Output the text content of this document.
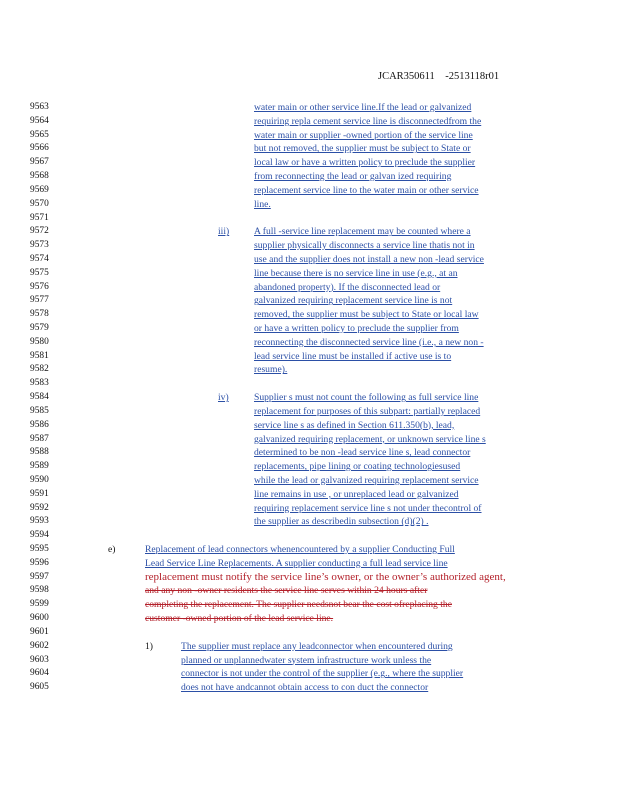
JCAR350611 -2513118r01
9563	water main or other service line.If the lead or galvanized
9564	requiring repla cement service line is disconnectedfrom the
9565	water main or supplier -owned portion of the service line
9566	but not removed, the supplier must be subject to State or
9567	local law or have a written policy to preclude the supplier
9568	from reconnecting the lead or galvan ized requiring
9569	replacement service line to the water main or other service
9570	line.
9571
9572	iii)	A full -service line replacement may be counted where a
9573	supplier physically disconnects a service line thatis not in
9574	use and the supplier does not install a new non -lead service
9575	line because there is no service line in use (e.g., at an
9576	abandoned property). If the disconnected lead or
9577	galvanized requiring replacement service line is not
9578	removed, the supplier must be subject to State or local law
9579	or have a written policy to preclude the supplier from
9580	reconnecting the disconnected service line (i.e., a new non -
9581	lead service line must be installed if active use is to
9582	resume).
9583
9584	iv)	Supplier s must not count the following as full service line
9585	replacement for purposes of this subpart: partially replaced
9586	service line s as defined in Section 611.350(b), lead,
9587	galvanized requiring replacement, or unknown service line s
9588	determined to be non -lead service line s, lead connector
9589	replacements, pipe lining or coating technologiesused
9590	while the lead or galvanized requiring replacement service
9591	line remains in use , or unreplaced lead or galvanized
9592	requiring replacement service line s not under thecontrol of
9593	the supplier as describedin subsection (d)(2) .
9594
9595	e)	Replacement of lead connectors whenencountered by a supplier Conducting Full
9596	Lead Service Line Replacements. A supplier conducting a full lead service line
9597	replacement must notify the service line’s owner, or the owner’s authorized agent,
9598	and any non -owner residents the service line serves within 24 hours after
9599	completing the replacement. The supplier needsnot bear the cost ofreplacing the
9600	customer -owned portion of the lead service line.
9601
9602	1)	The supplier must replace any leadconnector when encountered during
9603	planned or unplannedwater system infrastructure work unless the
9604	connector is not under the control of the supplier (e.g., where the supplier
9605	does not have andcannot obtain access to con duct the connector
